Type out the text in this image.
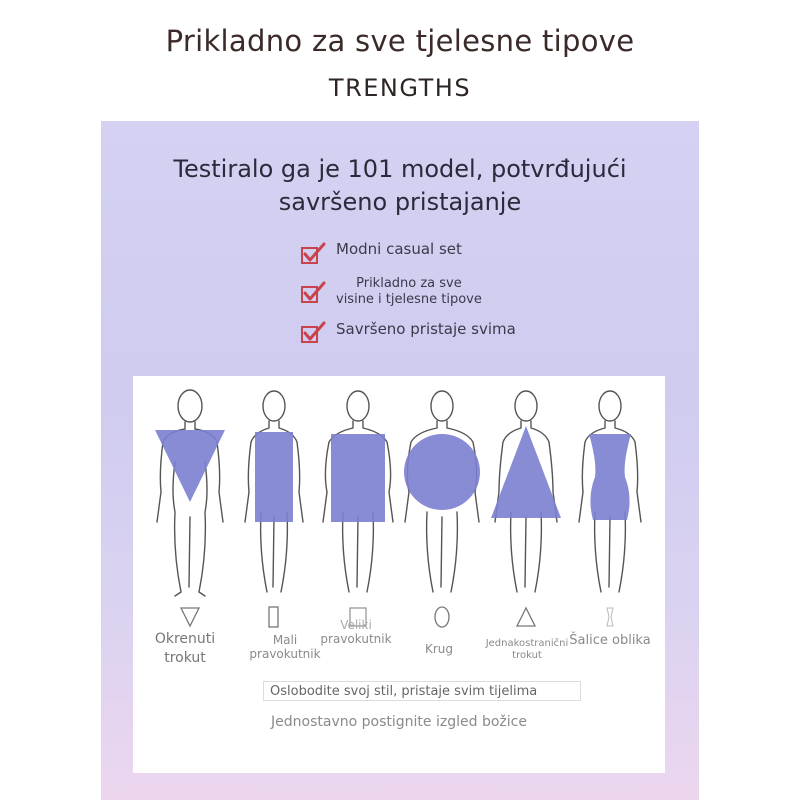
Prikladno za sve tjelesne tipove
TRENGTHS
Testiralo ga je 101 model, potvrđujući
savršeno pristajanje
Modni casual set
Prikladno za sve
visine i tjelesne tipove
Savršeno pristaje svima
Okrenuti
trokut
Mali
pravokutnik
Veliki
pravokutnik
Krug	Jednakostranični
trokut
Šalice oblika
Oslobodite svoj stil, pristaje svim tijelima
Jednostavno postignite izgled božice
